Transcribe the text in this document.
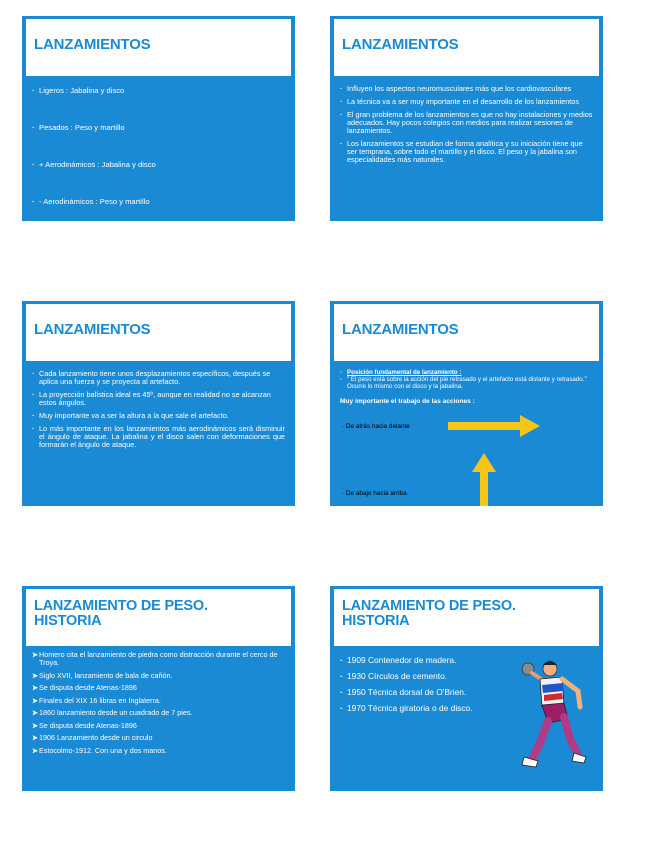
LANZAMIENTOS
· Ligeros : Jabalina y disco
· Pesados : Peso y martillo
· + Aerodinámicos : Jabalina y disco
· - Aerodinámicos : Peso y martillo
LANZAMIENTOS
· Influyen los aspectos neuromusculares más que los cardiovasculares
· La técnica va a ser muy importante en el desarrollo de los lanzamientos
· El gran problema de los lanzamientos es que no hay instalaciones y medios adecuados. Hay pocos colegios con medios para realizar sesiones de lanzamientos.
· Los lanzamientos se estudian de forma analítica y su iniciación tiene que ser temprana, sobre todo el martillo y el disco. El peso y la jabalina son especialidades más naturales.
LANZAMIENTOS
· Cada lanzamiento tiene unos desplazamientos específicos, después se aplica una fuerza y se proyecta al artefacto.
· La proyección balística ideal es 45º, aunque en realidad no se alcanzan estos ángulos.
· Muy importante va a ser la altura a la que sale el artefacto.
· Lo más importante en los lanzamientos más aerodinámicos será disminuir el ángulo de ataque. La jabalina y el disco salen con deformaciones que formarán el ángulo de ataque.
LANZAMIENTOS
· Posición fundamental de lanzamiento :
· " El peso está sobre la acción del pie retrasado y el artefacto está distante y retrasado." Ocurre lo mismo con el disco y la jabalina.
Muy importante el trabajo de las acciones :
· De atrás hacia delante
· De abajo hacia arriba
LANZAMIENTO DE PESO.
HISTORIA
➤ Homero cita el lanzamiento de piedra como distracción durante el cerco de Troya.
➤ Siglo XVII, lanzamiento de bala de cañón.
➤ Se disputa desde Atenas-1896
➤ Finales del XIX 16 libras en Inglaterra.
➤ 1860 lanzamiento desde un cuadrado de 7 pies.
➤ Se disputa desde Atenas-1896
➤ 1906 Lanzamiento desde un circulo
➤ Estocolmo-1912. Con una y dos manos.
LANZAMIENTO DE PESO.
HISTORIA
· 1909 Contenedor de madera.
· 1930 Círculos de cemento.
· 1950 Técnica dorsal de O'Brien.
· 1970 Técnica giratoria o de disco.
